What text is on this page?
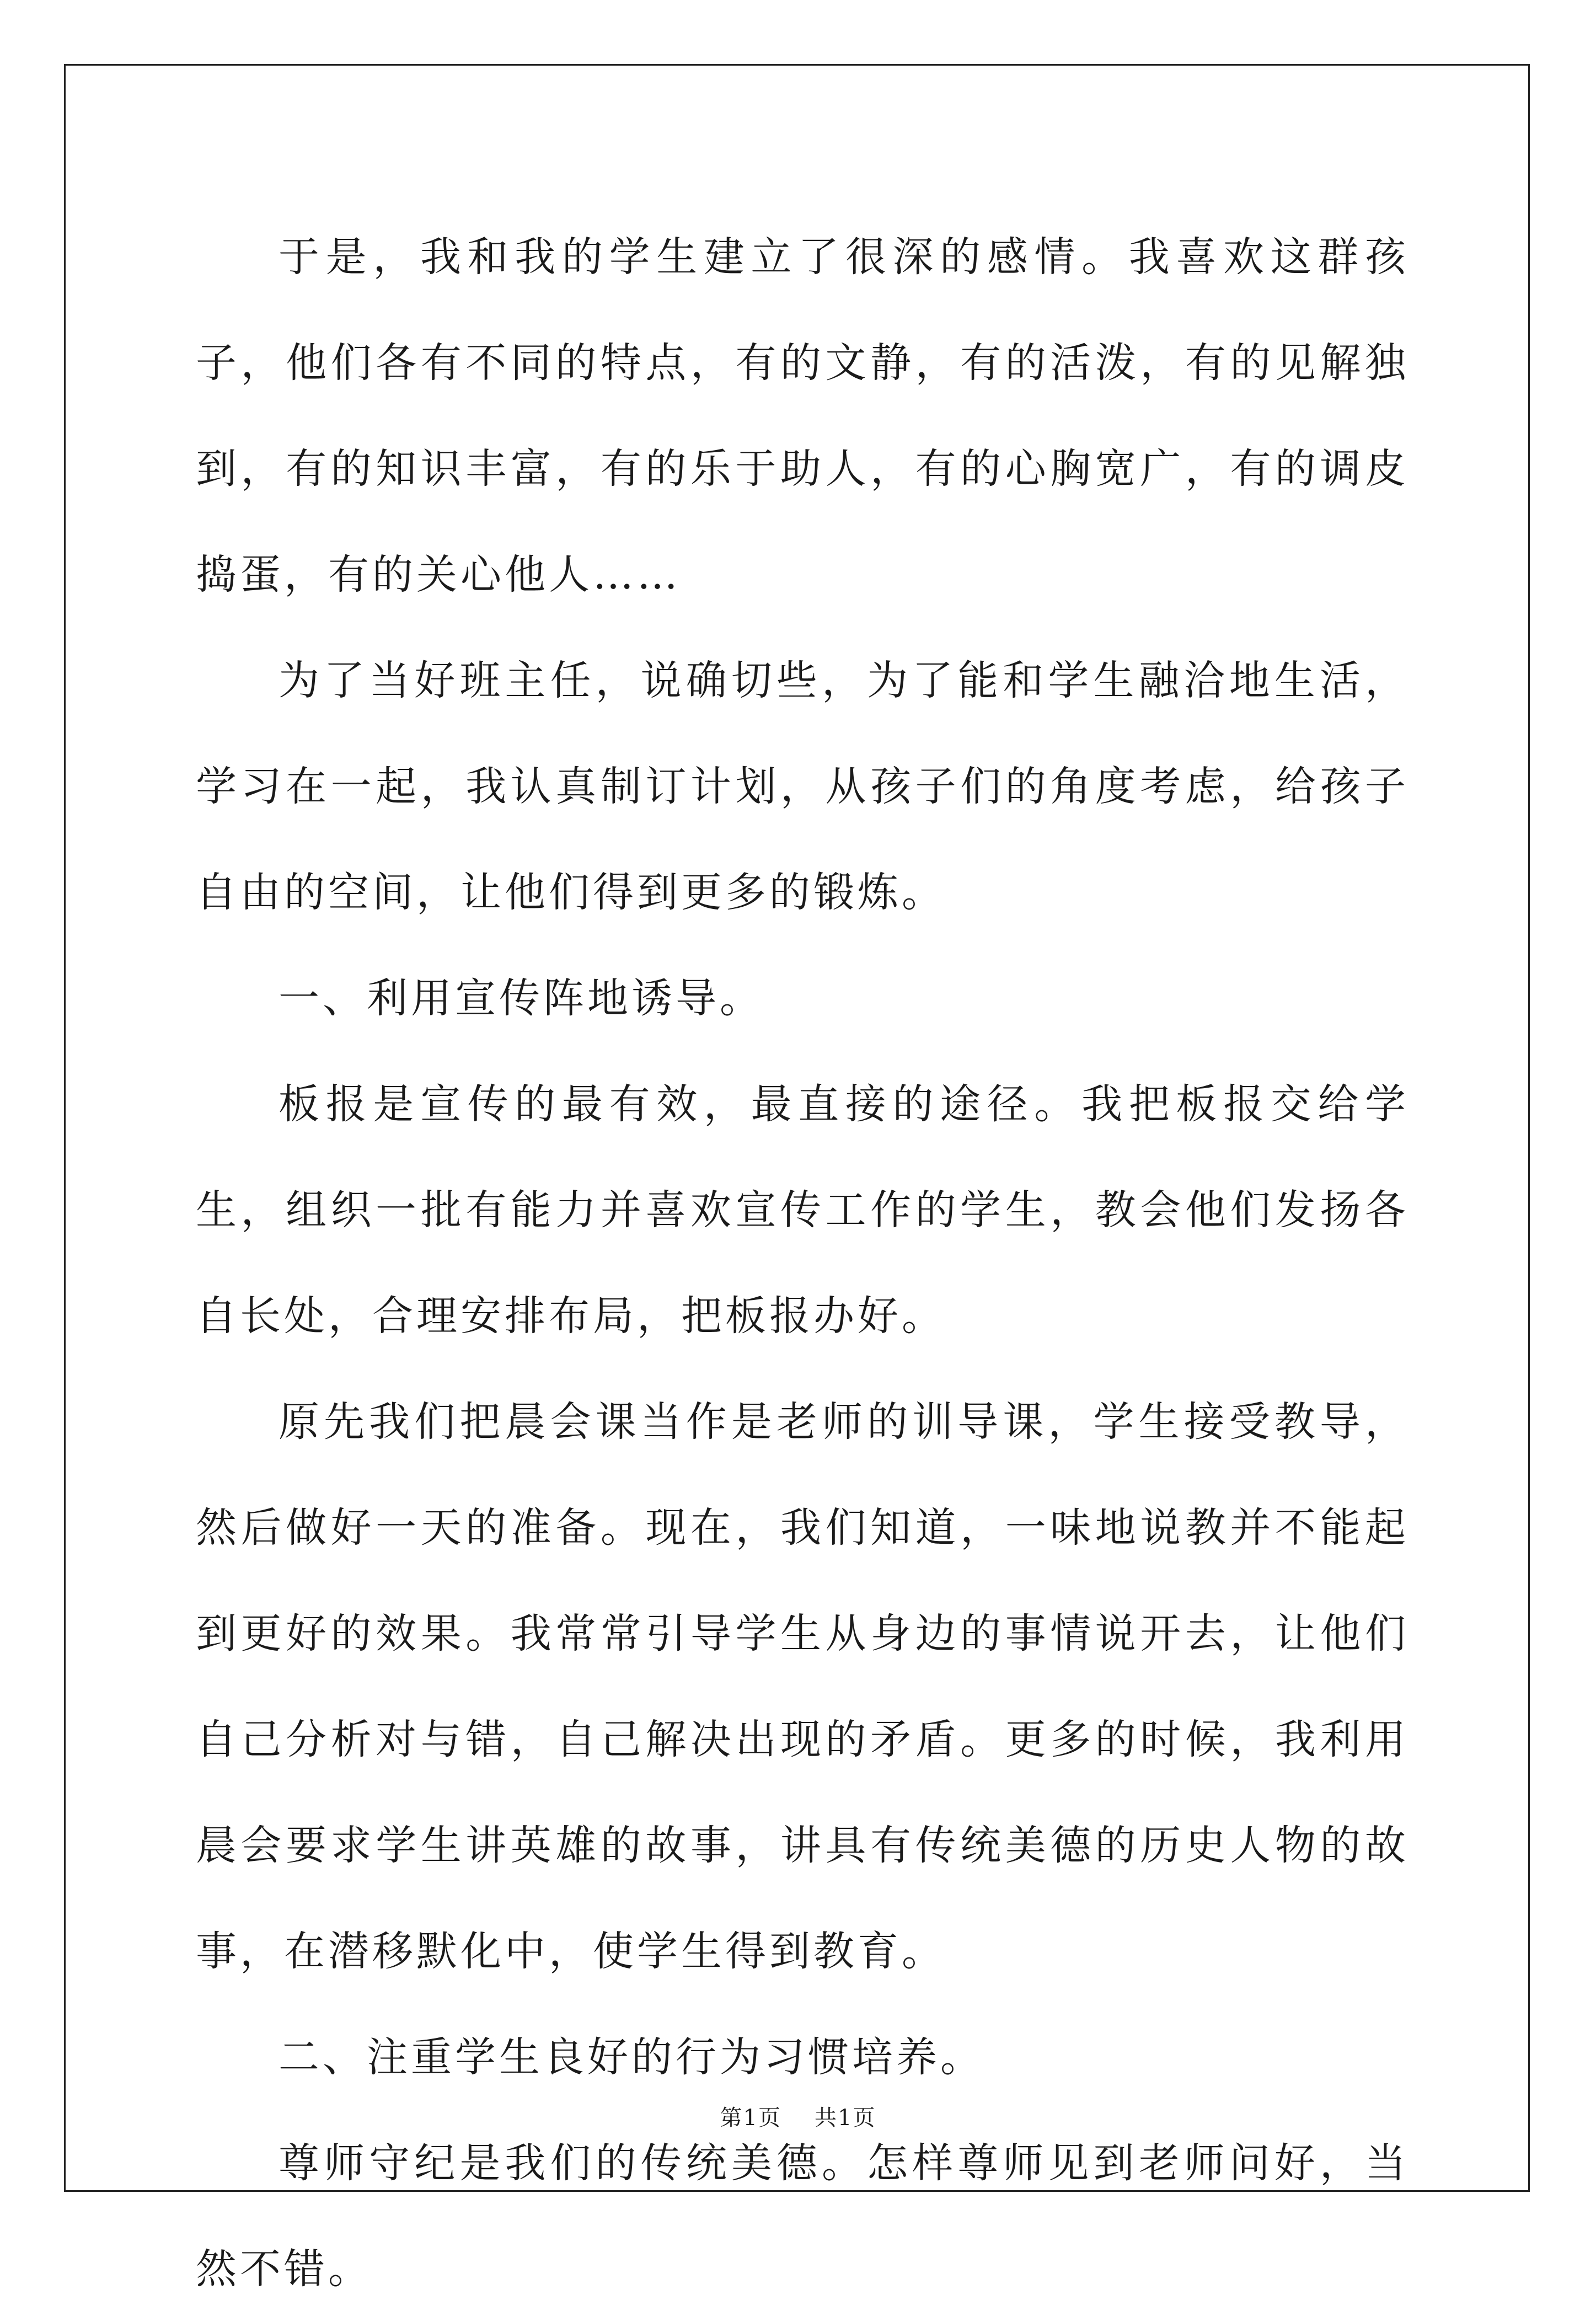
于是，我和我的学生建立了很深的感情。我喜欢这群孩子，他们各有不同的特点，有的文静，有的活泼，有的见解独到，有的知识丰富，有的乐于助人，有的心胸宽广，有的调皮捣蛋，有的关心他人……

为了当好班主任，说确切些，为了能和学生融洽地生活，学习在一起，我认真制订计划，从孩子们的角度考虑，给孩子自由的空间，让他们得到更多的锻炼。

一、利用宣传阵地诱导。

板报是宣传的最有效，最直接的途径。我把板报交给学生，组织一批有能力并喜欢宣传工作的学生，教会他们发扬各自长处，合理安排布局，把板报办好。

原先我们把晨会课当作是老师的训导课，学生接受教导，然后做好一天的准备。现在，我们知道，一味地说教并不能起到更好的效果。我常常引导学生从身边的事情说开去，让他们自己分析对与错，自己解决出现的矛盾。更多的时候，我利用晨会要求学生讲英雄的故事，讲具有传统美德的历史人物的故事，在潜移默化中，使学生得到教育。

二、注重学生良好的行为习惯培养。

尊师守纪是我们的传统美德。怎样尊师见到老师问好，当然不错。

第1页 共1页
